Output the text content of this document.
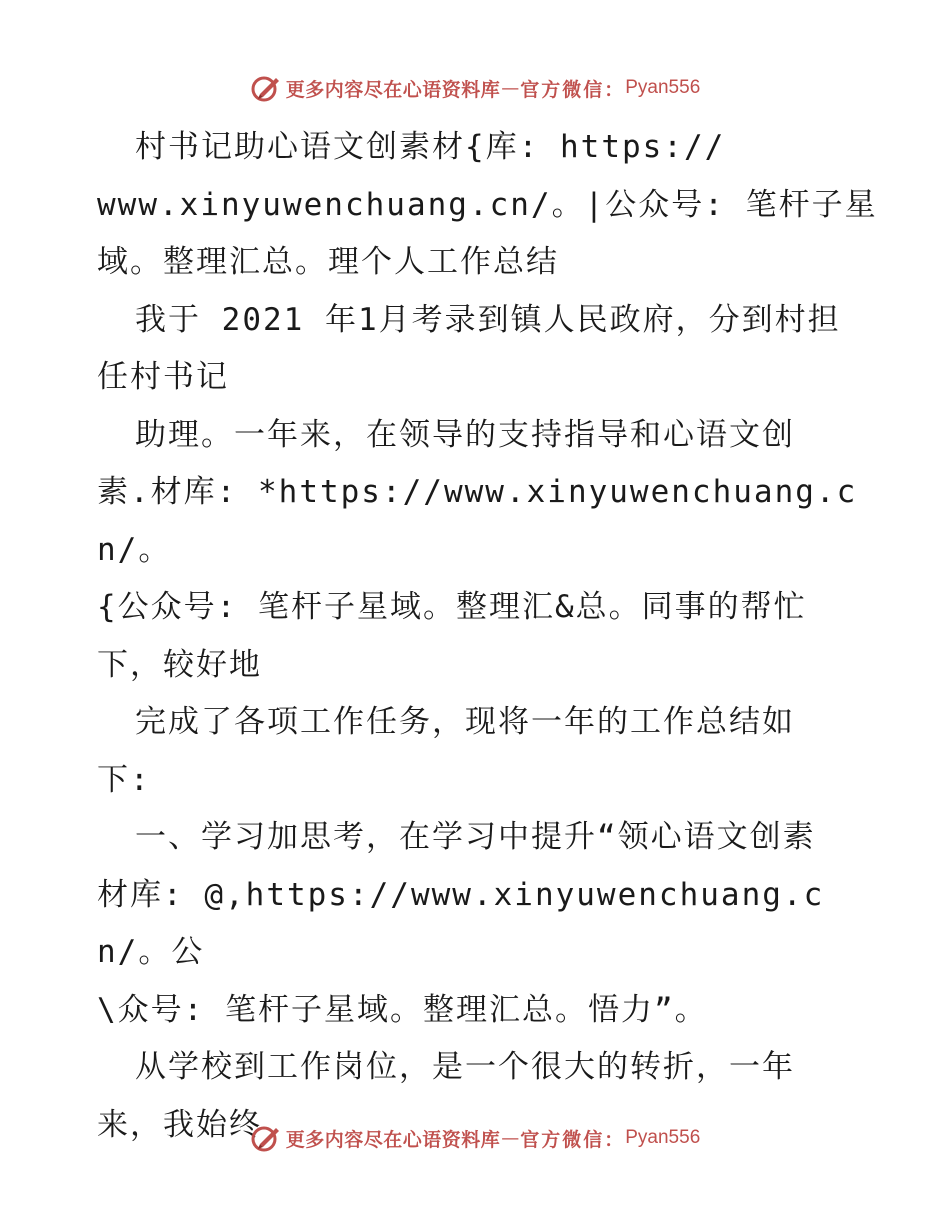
更多内容尽在心语资料库 — 官方微信： Pyan556

村书记助心语文创素材{库: https://

www.xinyuwenchuang.cn/。|公众号: 笔杆子星

域。整理汇总。理个人工作总结

我于 2021 年1月考录到镇人民政府，分到村担

任村书记

助理。一年来，在领导的支持指导和心语文创

素.材库: *https://www.xinyuwenchuang.cn/。

{公众号: 笔杆子星域。整理汇&总。同事的帮忙

下，较好地

完成了各项工作任务，现将一年的工作总结如

下:

一、学习加思考，在学习中提升“领心语文创素

材库: @,https://www.xinyuwenchuang.cn/。公

\众号: 笔杆子星域。整理汇总。悟力”。

从学校到工作岗位，是一个很大的转折，一年

来，我始终	更多内容尽在心语资料库 — 官方微信： Pyan556
